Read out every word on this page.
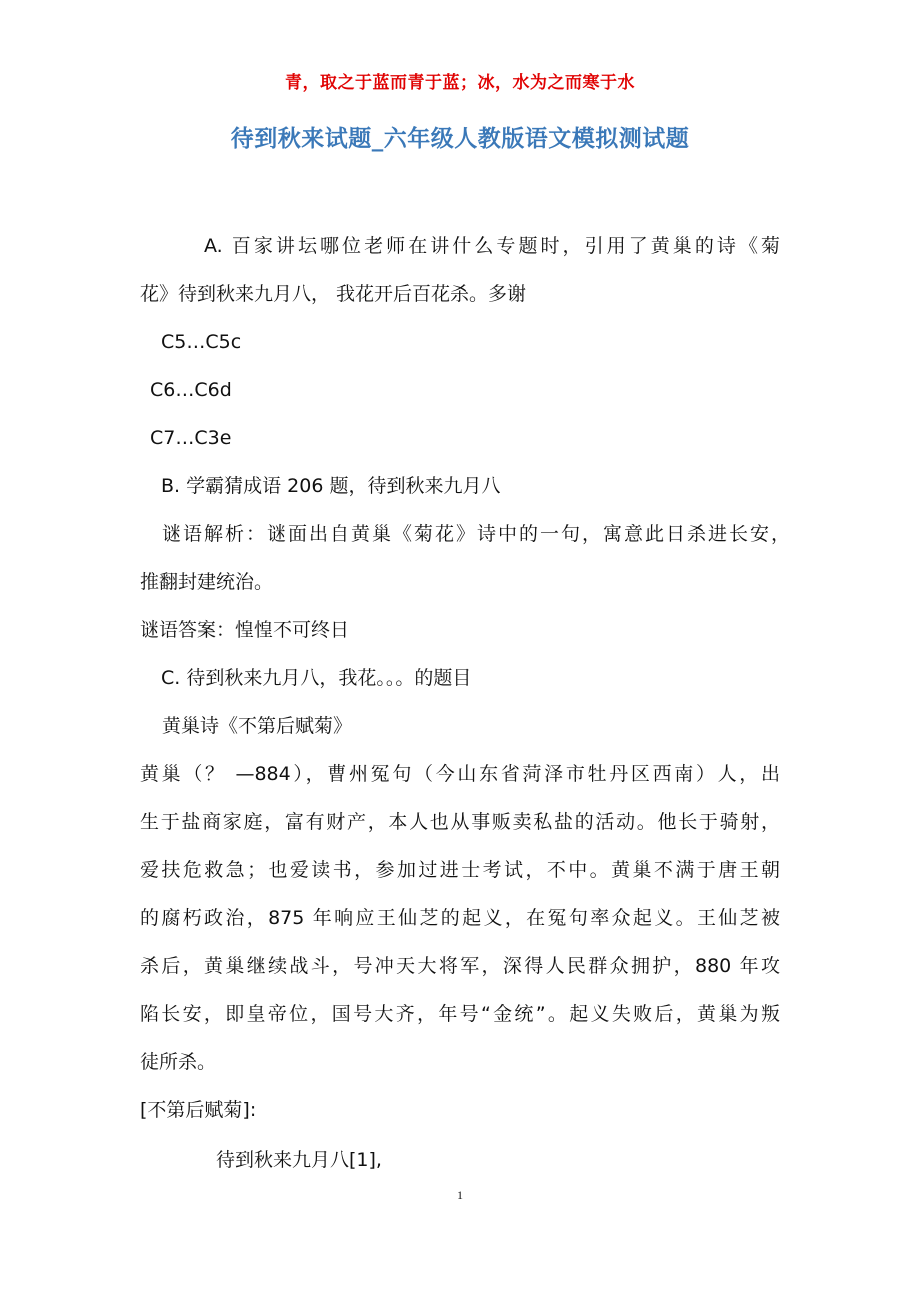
青，取之于蓝而青于蓝；冰，水为之而寒于水
待到秋来试题_六年级人教版语文模拟测试题
A. 百家讲坛哪位老师在讲什么专题时，引用了黄巢的诗《菊
花》待到秋来九月八， 我花开后百花杀。多谢
C5…C5c
C6…C6d
C7…C3e
B. 学霸猜成语 206 题，待到秋来九月八
谜语解析：谜面出自黄巢《菊花》诗中的一句，寓意此日杀进长安，
推翻封建统治。
谜语答案：惶惶不可终日
C. 待到秋来九月八，我花。。。的题目
黄巢诗《不第后赋菊》
黄巢（？ —884），曹州冤句（今山东省菏泽市牡丹区西南）人，出
生于盐商家庭，富有财产，本人也从事贩卖私盐的活动。他长于骑射，
爱扶危救急；也爱读书，参加过进士考试，不中。黄巢不满于唐王朝
的腐朽政治，875 年响应王仙芝的起义，在冤句率众起义。王仙芝被
杀后，黄巢继续战斗，号冲天大将军，深得人民群众拥护，880 年攻
陷长安，即皇帝位，国号大齐，年号“金统”。起义失败后，黄巢为叛
徒所杀。
[不第后赋菊]:
待到秋来九月八[1],
1
